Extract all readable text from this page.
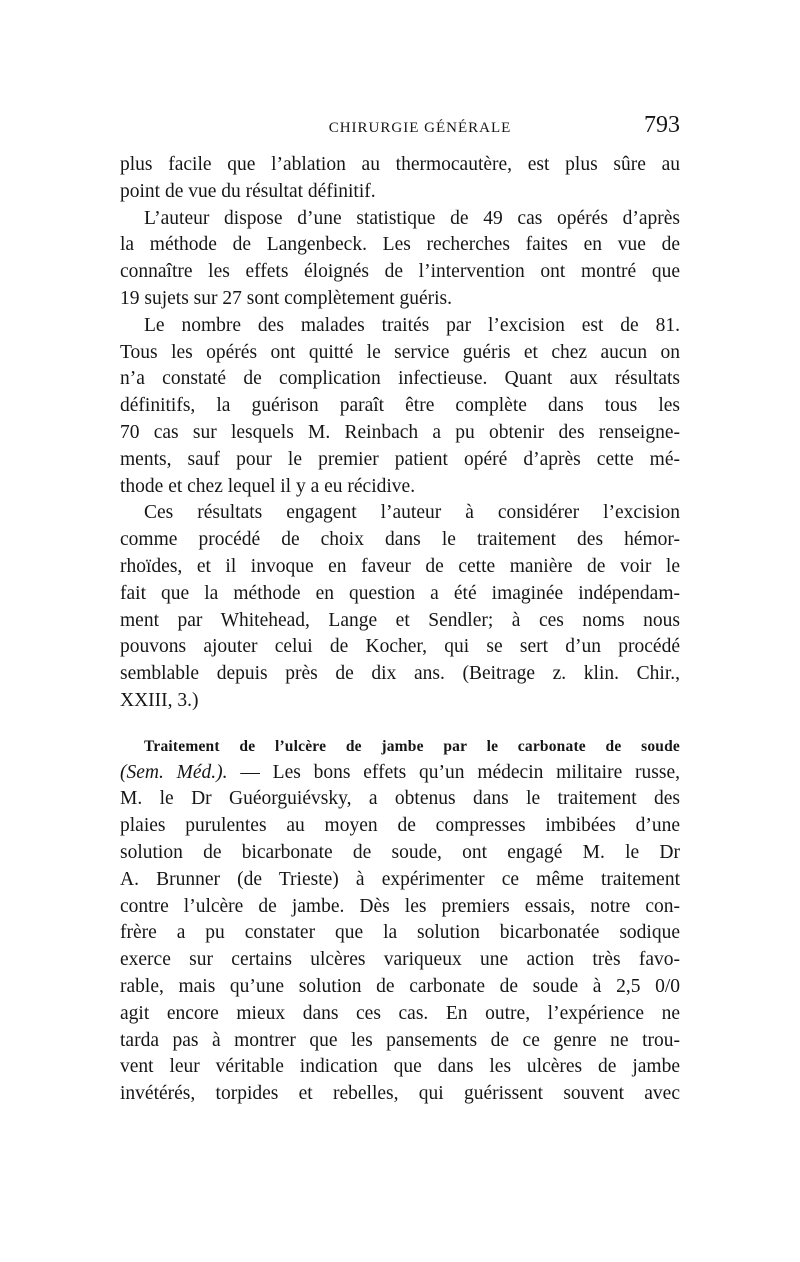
CHIRURGIE GÉNÉRALE	793

plus facile que l’ablation au thermocautère, est plus sûre au

point de vue du résultat définitif.

L’auteur dispose d’une statistique de 49 cas opérés d’après

la méthode de Langenbeck. Les recherches faites en vue de

connaître les effets éloignés de l’intervention ont montré que

19 sujets sur 27 sont complètement guéris.

Le nombre des malades traités par l’excision est de 81.

Tous les opérés ont quitté le service guéris et chez aucun on

n’a constaté de complication infectieuse. Quant aux résultats

définitifs, la guérison paraît être complète dans tous les

70 cas sur lesquels M. Reinbach a pu obtenir des renseigne-

ments, sauf pour le premier patient opéré d’après cette mé-

thode et chez lequel il y a eu récidive.

Ces résultats engagent l’auteur à considérer l’excision

comme procédé de choix dans le traitement des hémor-

rhoïdes, et il invoque en faveur de cette manière de voir le

fait que la méthode en question a été imaginée indépendam-

ment par Whitehead, Lange et Sendler; à ces noms nous

pouvons ajouter celui de Kocher, qui se sert d’un procédé

semblable depuis près de dix ans. (Beitrage z. klin. Chir.,

XXIII, 3.)

Traitement de l’ulcère de jambe par le carbonate de soude

(Sem. Méd.). — Les bons effets qu’un médecin militaire russe,

M. le Dr Guéorguiévsky, a obtenus dans le traitement des

plaies purulentes au moyen de compresses imbibées d’une

solution de bicarbonate de soude, ont engagé M. le Dr

A. Brunner (de Trieste) à expérimenter ce même traitement

contre l’ulcère de jambe. Dès les premiers essais, notre con-

frère a pu constater que la solution bicarbonatée sodique

exerce sur certains ulcères variqueux une action très favo-

rable, mais qu’une solution de carbonate de soude à 2,5 0/0

agit encore mieux dans ces cas. En outre, l’expérience ne

tarda pas à montrer que les pansements de ce genre ne trou-

vent leur véritable indication que dans les ulcères de jambe

invétérés, torpides et rebelles, qui guérissent souvent avec
